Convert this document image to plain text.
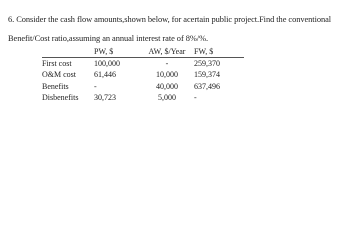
6. Consider the cash flow amounts,shown below, for acertain public project.Find the conventional
Benefit/Cost ratio,assuming an annual interest rate of 8%/%.
	PW, $	AW, $/Year	FW, $
First cost	100,000	-	259,370
O&M cost	61,446	10,000	159,374
Benefits	-	40,000	637,496
Disbenefits	30,723	5,000	-
